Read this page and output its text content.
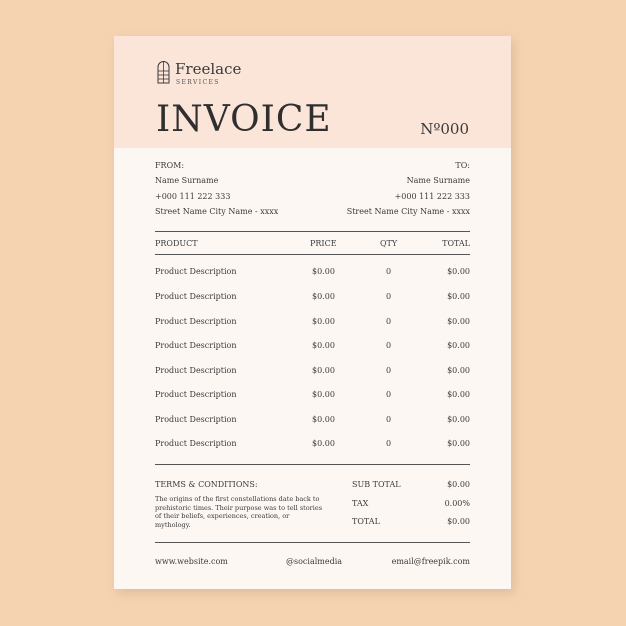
Freelace
SERVICES
INVOICE	Nº000
FROM:
Name Surname
+000 111 222 333
Street Name City Name - xxxx
TO:
Name Surname
+000 111 222 333
Street Name City Name - xxxx
PRODUCT	PRICE	QTY	TOTAL
Product Description	$0.00	0	$0.00
Product Description	$0.00	0	$0.00
Product Description	$0.00	0	$0.00
Product Description	$0.00	0	$0.00
Product Description	$0.00	0	$0.00
Product Description	$0.00	0	$0.00
Product Description	$0.00	0	$0.00
Product Description	$0.00	0	$0.00
TERMS & CONDITIONS:
The origins of the first constellations date back to prehistoric times. Their purpose was to tell stories of their beliefs, experiences, creation, or mythology.
SUB TOTAL	$0.00
TAX	0.00%
TOTAL	$0.00
www.website.com	@socialmedia	email@freepik.com
